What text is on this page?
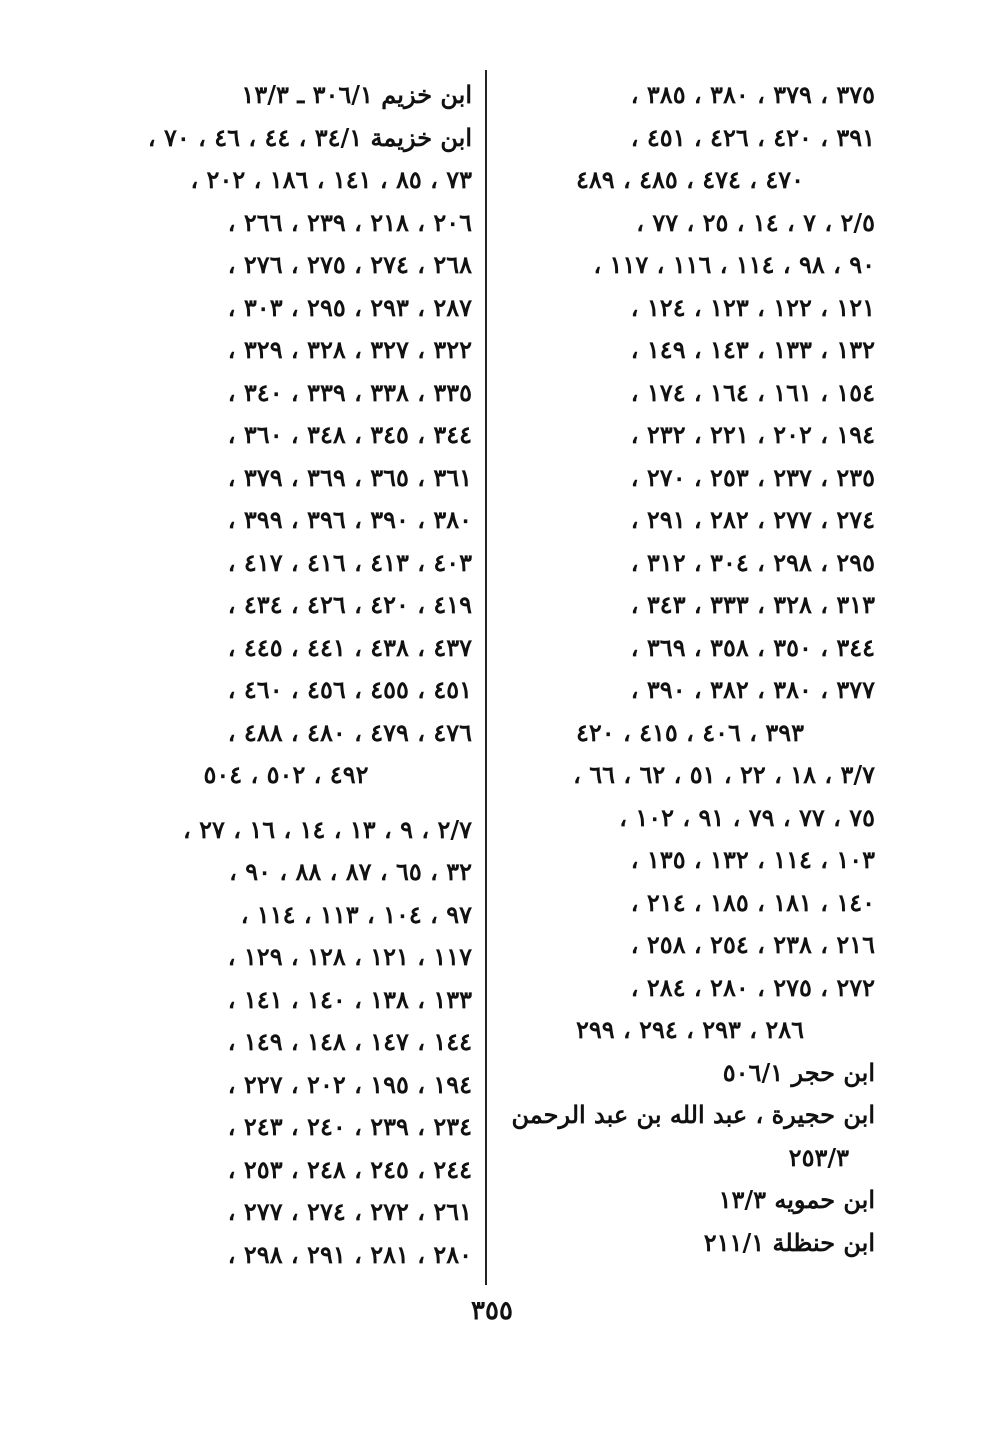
٣٧٥ ، ٣٧٩ ، ٣٨٠ ، ٣٨٥ ،
٣٩١ ، ٤٢٠ ، ٤٢٦ ، ٤٥١ ،
٤٧٠ ، ٤٧٤ ، ٤٨٥ ، ٤٨٩
٢/٥ ، ٧ ، ١٤ ، ٢٥ ، ٧٧ ،
٩٠ ، ٩٨ ، ١١٤ ، ١١٦ ، ١١٧ ،
١٢١ ، ١٢٢ ، ١٢٣ ، ١٢٤ ،
١٣٢ ، ١٣٣ ، ١٤٣ ، ١٤٩ ،
١٥٤ ، ١٦١ ، ١٦٤ ، ١٧٤ ،
١٩٤ ، ٢٠٢ ، ٢٢١ ، ٢٣٢ ،
٢٣٥ ، ٢٣٧ ، ٢٥٣ ، ٢٧٠ ،
٢٧٤ ، ٢٧٧ ، ٢٨٢ ، ٢٩١ ،
٢٩٥ ، ٢٩٨ ، ٣٠٤ ، ٣١٢ ،
٣١٣ ، ٣٢٨ ، ٣٣٣ ، ٣٤٣ ،
٣٤٤ ، ٣٥٠ ، ٣٥٨ ، ٣٦٩ ،
٣٧٧ ، ٣٨٠ ، ٣٨٢ ، ٣٩٠ ،
٣٩٣ ، ٤٠٦ ، ٤١٥ ، ٤٢٠
٣/٧ ، ١٨ ، ٢٢ ، ٥١ ، ٦٢ ، ٦٦ ،
٧٥ ، ٧٧ ، ٧٩ ، ٩١ ، ١٠٢ ،
١٠٣ ، ١١٤ ، ١٣٢ ، ١٣٥ ،
١٤٠ ، ١٨١ ، ١٨٥ ، ٢١٤ ،
٢١٦ ، ٢٣٨ ، ٢٥٤ ، ٢٥٨ ،
٢٧٢ ، ٢٧٥ ، ٢٨٠ ، ٢٨٤ ،
٢٨٦ ، ٢٩٣ ، ٢٩٤ ، ٢٩٩
ابن حجر ٥٠٦/١
ابن حجيرة ، عبد الله بن عبد الرحمن
٢٥٣/٣
ابن حمويه ١٣/٣
ابن حنظلة ٢١١/١
ابن خزيم ٣٠٦/١ ـ ١٣/٣
ابن خزيمة ٣٤/١ ، ٤٤ ، ٤٦ ، ٧٠ ،
٧٣ ، ٨٥ ، ١٤١ ، ١٨٦ ، ٢٠٢ ،
٢٠٦ ، ٢١٨ ، ٢٣٩ ، ٢٦٦ ،
٢٦٨ ، ٢٧٤ ، ٢٧٥ ، ٢٧٦ ،
٢٨٧ ، ٢٩٣ ، ٢٩٥ ، ٣٠٣ ،
٣٢٢ ، ٣٢٧ ، ٣٢٨ ، ٣٢٩ ،
٣٣٥ ، ٣٣٨ ، ٣٣٩ ، ٣٤٠ ،
٣٤٤ ، ٣٤٥ ، ٣٤٨ ، ٣٦٠ ،
٣٦١ ، ٣٦٥ ، ٣٦٩ ، ٣٧٩ ،
٣٨٠ ، ٣٩٠ ، ٣٩٦ ، ٣٩٩ ،
٤٠٣ ، ٤١٣ ، ٤١٦ ، ٤١٧ ،
٤١٩ ، ٤٢٠ ، ٤٢٦ ، ٤٣٤ ،
٤٣٧ ، ٤٣٨ ، ٤٤١ ، ٤٤٥ ،
٤٥١ ، ٤٥٥ ، ٤٥٦ ، ٤٦٠ ،
٤٧٦ ، ٤٧٩ ، ٤٨٠ ، ٤٨٨ ،
٤٩٢ ، ٥٠٢ ، ٥٠٤
٢/٧ ، ٩ ، ١٣ ، ١٤ ، ١٦ ، ٢٧ ،
٣٢ ، ٦٥ ، ٨٧ ، ٨٨ ، ٩٠ ،
٩٧ ، ١٠٤ ، ١١٣ ، ١١٤ ،
١١٧ ، ١٢١ ، ١٢٨ ، ١٢٩ ،
١٣٣ ، ١٣٨ ، ١٤٠ ، ١٤١ ،
١٤٤ ، ١٤٧ ، ١٤٨ ، ١٤٩ ،
١٩٤ ، ١٩٥ ، ٢٠٢ ، ٢٢٧ ،
٢٣٤ ، ٢٣٩ ، ٢٤٠ ، ٢٤٣ ،
٢٤٤ ، ٢٤٥ ، ٢٤٨ ، ٢٥٣ ،
٢٦١ ، ٢٧٢ ، ٢٧٤ ، ٢٧٧ ،
٢٨٠ ، ٢٨١ ، ٢٩١ ، ٢٩٨ ،
٣٥٥
